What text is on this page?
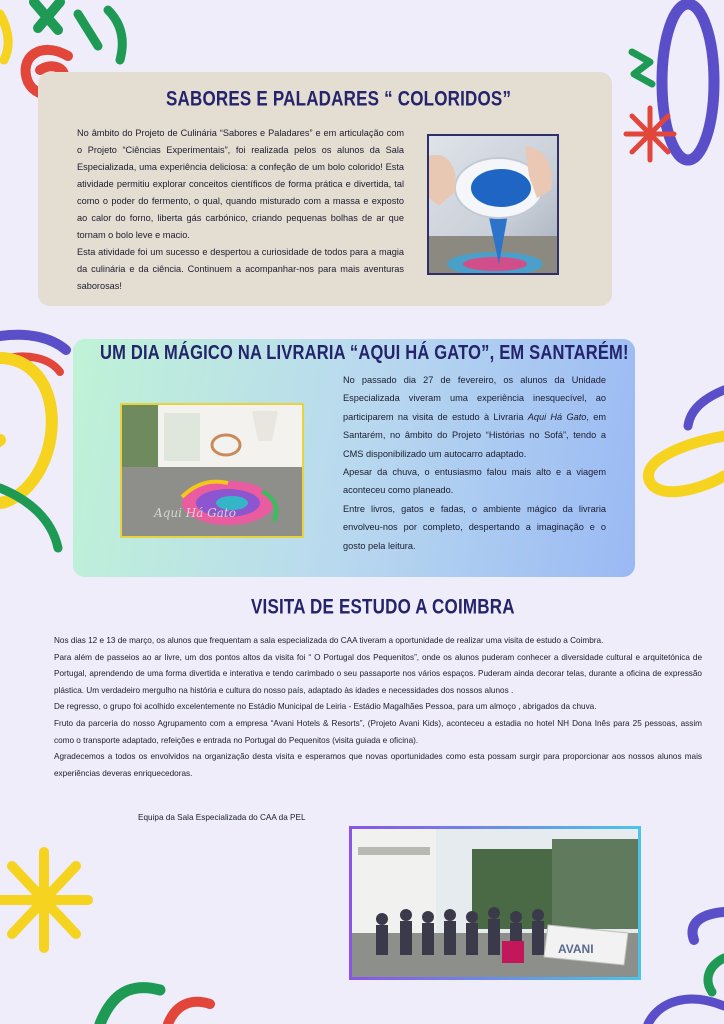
SABORES E PALADARES “ COLORIDOS”

No âmbito do Projeto de Culinária “Sabores e Paladares” e em articulação com o Projeto “Ciências Experimentais”, foi realizada pelos os alunos da Sala Especializada, uma experiência deliciosa: a confeção de um bolo colorido! Esta atividade permitiu explorar conceitos científicos de forma prática e divertida, tal como o poder do fermento, o qual, quando misturado com a massa e exposto ao calor do forno, liberta gás carbónico, criando pequenas bolhas de ar que tornam o bolo leve e macio.

Esta atividade foi um sucesso e despertou a curiosidade de todos para a magia da culinária e da ciência. Continuem a acompanhar-nos para mais aventuras saborosas!

UM DIA MÁGICO NA LIVRARIA “AQUI HÁ GATO”, EM SANTARÉM!
Aqui Há Gato

No passado dia 27 de fevereiro, os alunos da Unidade Especializada viveram uma experiência inesquecível, ao participarem na visita de estudo à Livraria Aqui Há Gato, em Santarém, no âmbito do Projeto “Histórias no Sofá”, tendo a CMS disponibilizado um autocarro adaptado.

Apesar da chuva, o entusiasmo falou mais alto e a viagem aconteceu como planeado.

Entre livros, gatos e fadas, o ambiente mágico da livraria envolveu-nos por completo, despertando a imaginação e o gosto pela leitura.

VISITA DE ESTUDO A COIMBRA

Nos dias 12 e 13 de março, os alunos que frequentam a sala especializada do CAA tiveram a oportunidade de realizar uma visita de estudo a Coimbra.

Para além de passeios ao ar livre, um dos pontos altos da visita foi “ O Portugal dos Pequenitos”, onde os alunos puderam conhecer a diversidade cultural e arquitetónica de Portugal, aprendendo de uma forma divertida e interativa e tendo carimbado o seu passaporte nos vários espaços. Puderam ainda decorar telas, durante a oficina de expressão plástica. Um verdadeiro mergulho na história e cultura do nosso país, adaptado às idades e necessidades dos nossos alunos .

De regresso, o grupo foi acolhido excelentemente no Estádio Municipal de Leiria - Estádio Magalhães Pessoa, para um almoço , abrigados da chuva.

Fruto da parceria do nosso Agrupamento com a empresa “Avani Hotels & Resorts”, (Projeto Avani Kids), aconteceu a estadia no hotel NH Dona Inês para 25 pessoas, assim como o transporte adaptado, refeições e entrada no Portugal do Pequenitos (visita guiada e oficina).

Agradecemos a todos os envolvidos na organização desta visita e esperamos que novas oportunidades como esta possam surgir para proporcionar aos nossos alunos mais experiências deveras enriquecedoras.

Equipa da Sala Especializada do CAA da PEL
AVANI
